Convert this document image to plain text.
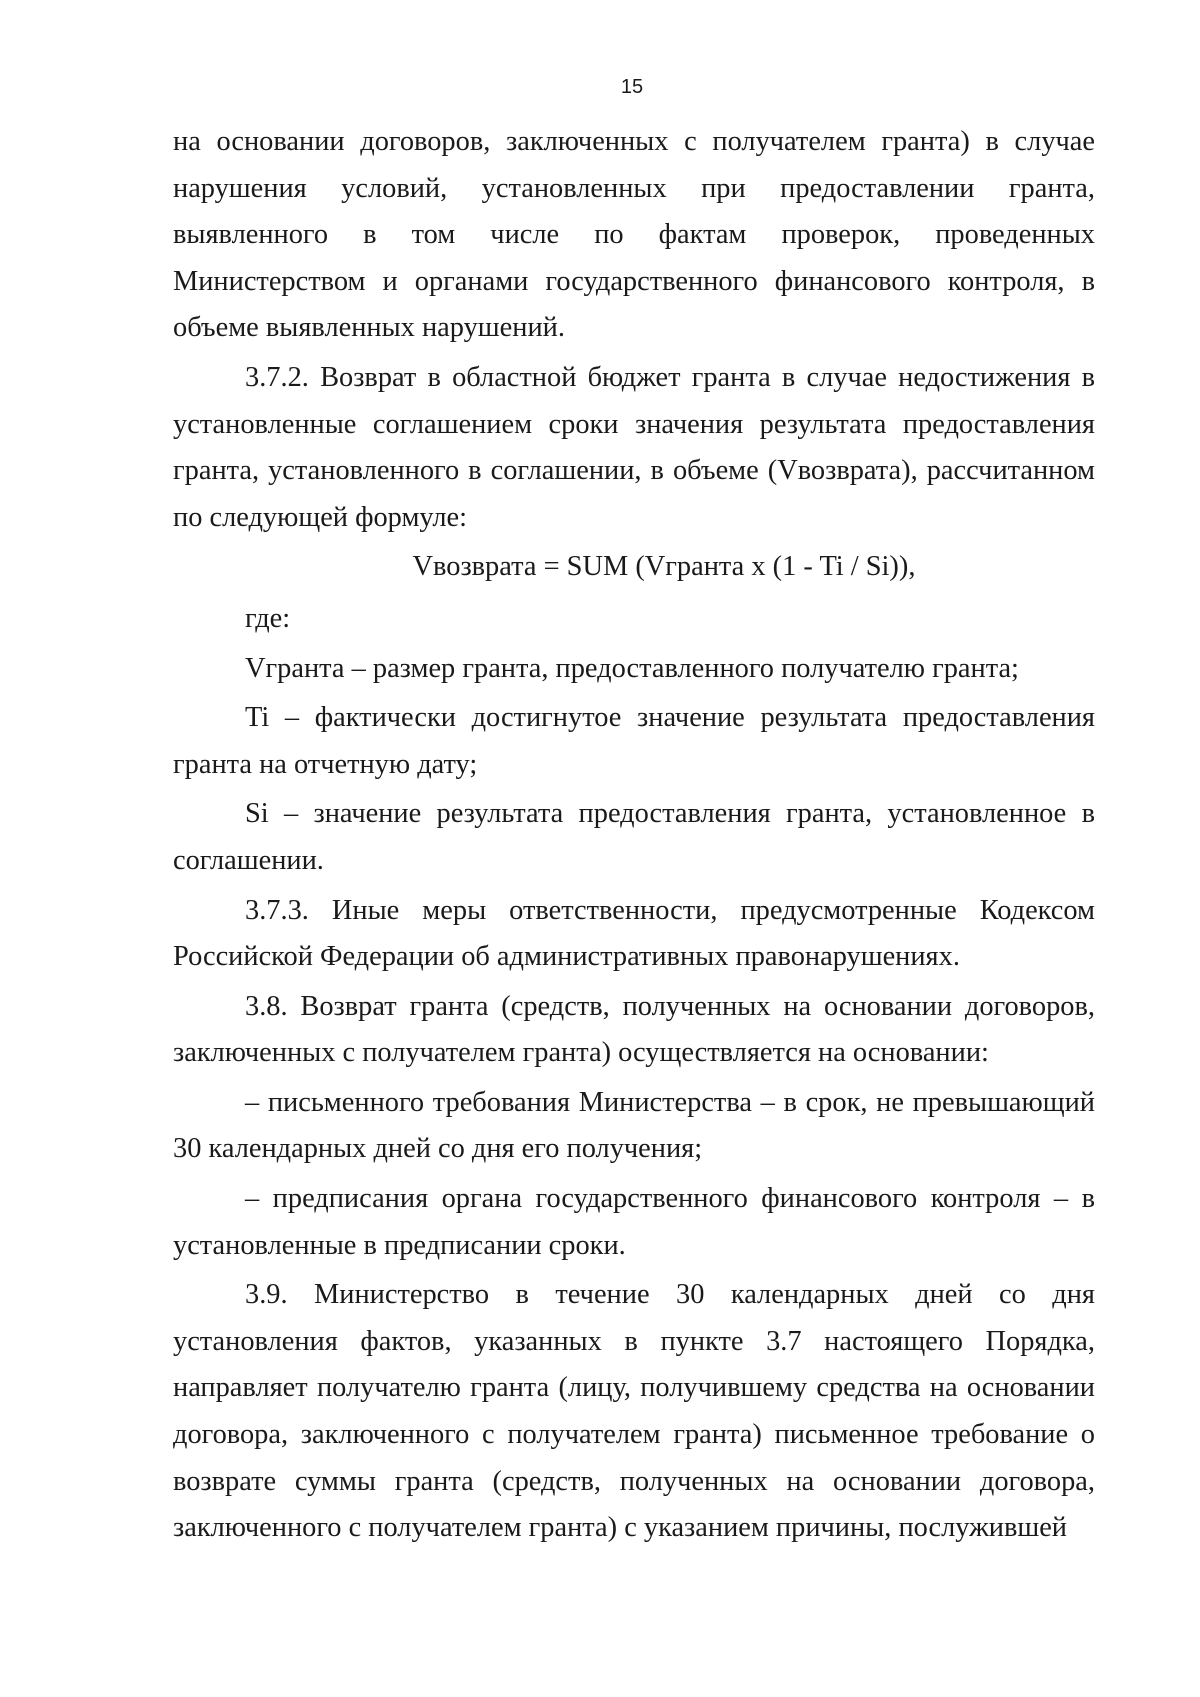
15

на основании договоров, заключенных с получателем гранта) в случае нарушения условий, установленных при предоставлении гранта, выявленного в том числе по фактам проверок, проведенных Министерством и органами государственного финансового контроля, в объеме выявленных нарушений.

3.7.2. Возврат в областной бюджет гранта в случае недостижения в установленные соглашением сроки значения результата предоставления гранта, установленного в соглашении, в объеме (Vвозврата), рассчитанном по следующей формуле:

Vвозврата = SUM (Vгранта x (1 - Ti / Si)),

где:

Vгранта – размер гранта, предоставленного получателю гранта;

Ti – фактически достигнутое значение результата предоставления гранта на отчетную дату;

Si – значение результата предоставления гранта, установленное в соглашении.

3.7.3. Иные меры ответственности, предусмотренные Кодексом Российской Федерации об административных правонарушениях.

3.8. Возврат гранта (средств, полученных на основании договоров, заключенных с получателем гранта) осуществляется на основании:

– письменного требования Министерства – в срок, не превышающий 30 календарных дней со дня его получения;

– предписания органа государственного финансового контроля – в установленные в предписании сроки.

3.9. Министерство в течение 30 календарных дней со дня установления фактов, указанных в пункте 3.7 настоящего Порядка, направляет получателю гранта (лицу, получившему средства на основании договора, заключенного с получателем гранта) письменное требование о возврате суммы гранта (средств, полученных на основании договора, заключенного с получателем гранта) с указанием причины, послужившей
